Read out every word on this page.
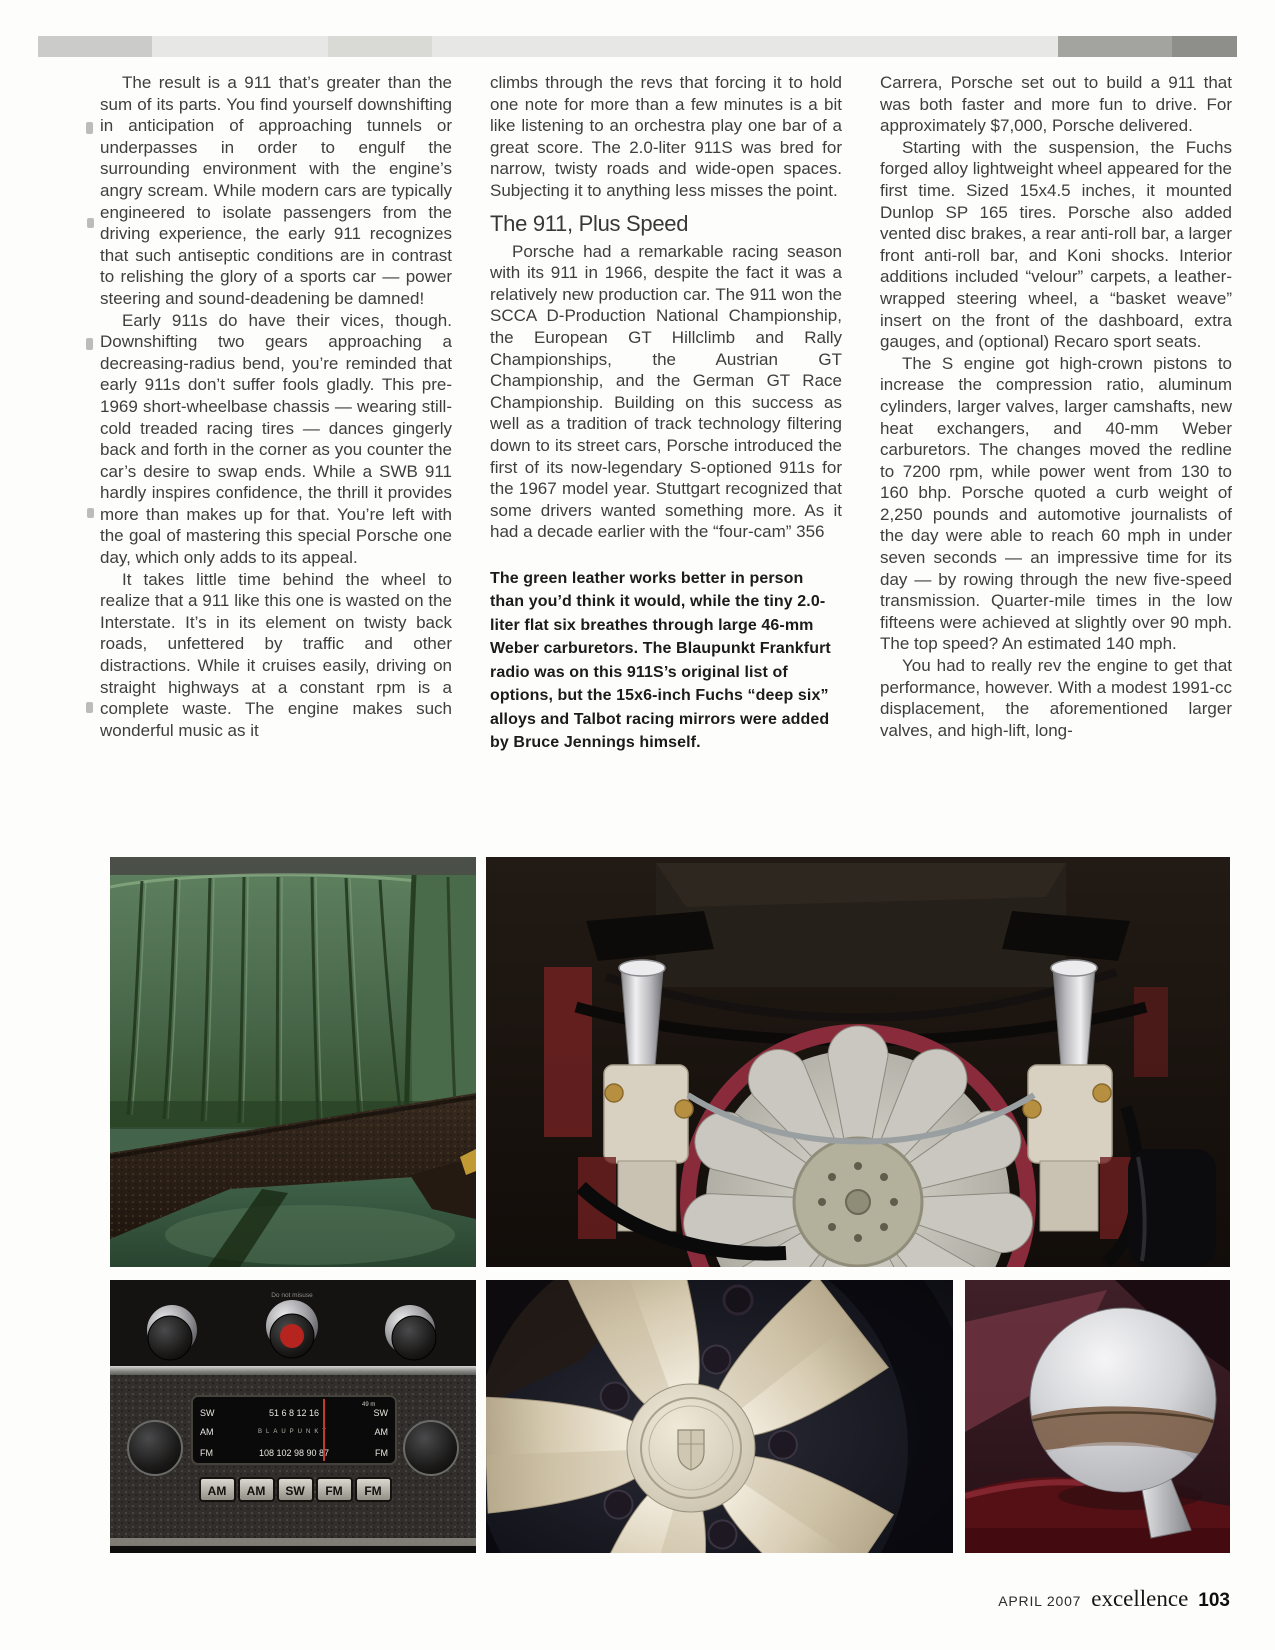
The result is a 911 that’s greater than the sum of its parts. You find yourself downshifting in anticipation of approaching tunnels or underpasses in order to engulf the surrounding environment with the engine’s angry scream. While modern cars are typically engineered to isolate passengers from the driving experience, the early 911 recognizes that such antiseptic conditions are in contrast to relishing the glory of a sports car — power steering and sound-deadening be damned!

Early 911s do have their vices, though. Downshifting two gears approaching a decreasing-radius bend, you’re reminded that early 911s don’t suffer fools gladly. This pre-1969 short-wheelbase chassis — wearing still-cold treaded racing tires — dances gingerly back and forth in the corner as you counter the car’s desire to swap ends. While a SWB 911 hardly inspires confidence, the thrill it provides more than makes up for that. You’re left with the goal of mastering this special Porsche one day, which only adds to its appeal.

It takes little time behind the wheel to realize that a 911 like this one is wasted on the Interstate. It’s in its element on twisty back roads, unfettered by traffic and other distractions. While it cruises easily, driving on straight highways at a constant rpm is a complete waste. The engine makes such wonderful music as it

climbs through the revs that forcing it to hold one note for more than a few minutes is a bit like listening to an orchestra play one bar of a great score. The 2.0-liter 911S was bred for narrow, twisty roads and wide-open spaces. Subjecting it to anything less misses the point.

The 911, Plus Speed

Porsche had a remarkable racing season with its 911 in 1966, despite the fact it was a relatively new production car. The 911 won the SCCA D-Production National Championship, the European GT Hillclimb and Rally Championships, the Austrian GT Championship, and the German GT Race Championship. Building on this success as well as a tradition of track technology filtering down to its street cars, Porsche introduced the first of its now-legendary S-optioned 911s for the 1967 model year. Stuttgart recognized that some drivers wanted something more. As it had a decade earlier with the “four-cam” 356

The green leather works better in person than you’d think it would, while the tiny 2.0-liter flat six breathes through large 46-mm Weber carburetors. The Blaupunkt Frankfurt radio was on this 911S’s original list of options, but the 15x6-inch Fuchs “deep six” alloys and Talbot racing mirrors were added by Bruce Jennings himself.

Carrera, Porsche set out to build a 911 that was both faster and more fun to drive. For approximately $7,000, Porsche delivered.

Starting with the suspension, the Fuchs forged alloy lightweight wheel appeared for the first time. Sized 15x4.5 inches, it mounted Dunlop SP 165 tires. Porsche also added vented disc brakes, a rear anti-roll bar, a larger front anti-roll bar, and Koni shocks. Interior additions included “velour” carpets, a leather-wrapped steering wheel, a “basket weave” insert on the front of the dashboard, extra gauges, and (optional) Recaro sport seats.

The S engine got high-crown pistons to increase the compression ratio, aluminum cylinders, larger valves, larger camshafts, new heat exchangers, and 40-mm Weber carburetors. The changes moved the redline to 7200 rpm, while power went from 130 to 160 bhp. Porsche quoted a curb weight of 2,250 pounds and automotive journalists of the day were able to reach 60 mph in under seven seconds — an impressive time for its day — by rowing through the new five-speed transmission. Quarter-mile times in the low fifteens were achieved at slightly over 90 mph. The top speed? An estimated 140 mph.

You had to really rev the engine to get that performance, however. With a modest 1991-cc displacement, the aforementioned larger valves, and high-lift, long-

Do not misuse
SW	SW
51 6 8 12 16
49 m
AM	AM
BLAUPUNKT
FM	FM
108 102 98 90 87
AM AM SW FM FM
APRIL 2007 excellence 103
